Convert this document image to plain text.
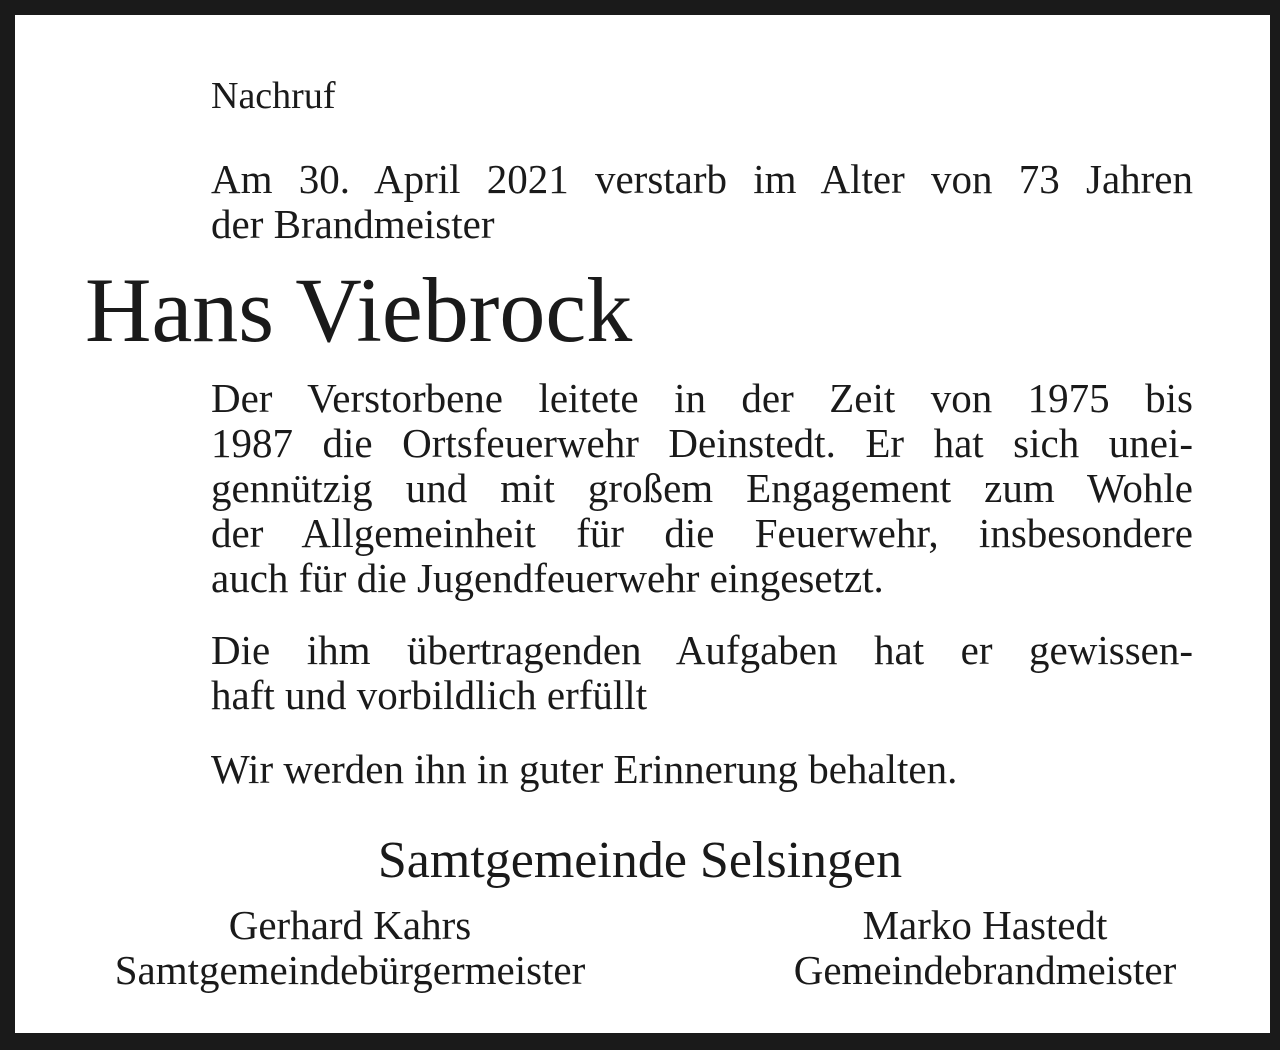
Nachruf
Am 30. April 2021 verstarb im Alter von 73 Jahren
der Brandmeister
Hans Viebrock
Der Verstorbene leitete in der Zeit von 1975 bis
1987 die Ortsfeuerwehr Deinstedt. Er hat sich unei-
gennützig und mit großem Engagement zum Wohle
der Allgemeinheit für die Feuerwehr, insbesondere
auch für die Jugendfeuerwehr eingesetzt.
Die ihm übertragenden Aufgaben hat er gewissen-
haft und vorbildlich erfüllt
Wir werden ihn in guter Erinnerung behalten.
Samtgemeinde Selsingen
Gerhard Kahrs
Samtgemeindebürgermeister
Marko Hastedt
Gemeindebrandmeister
